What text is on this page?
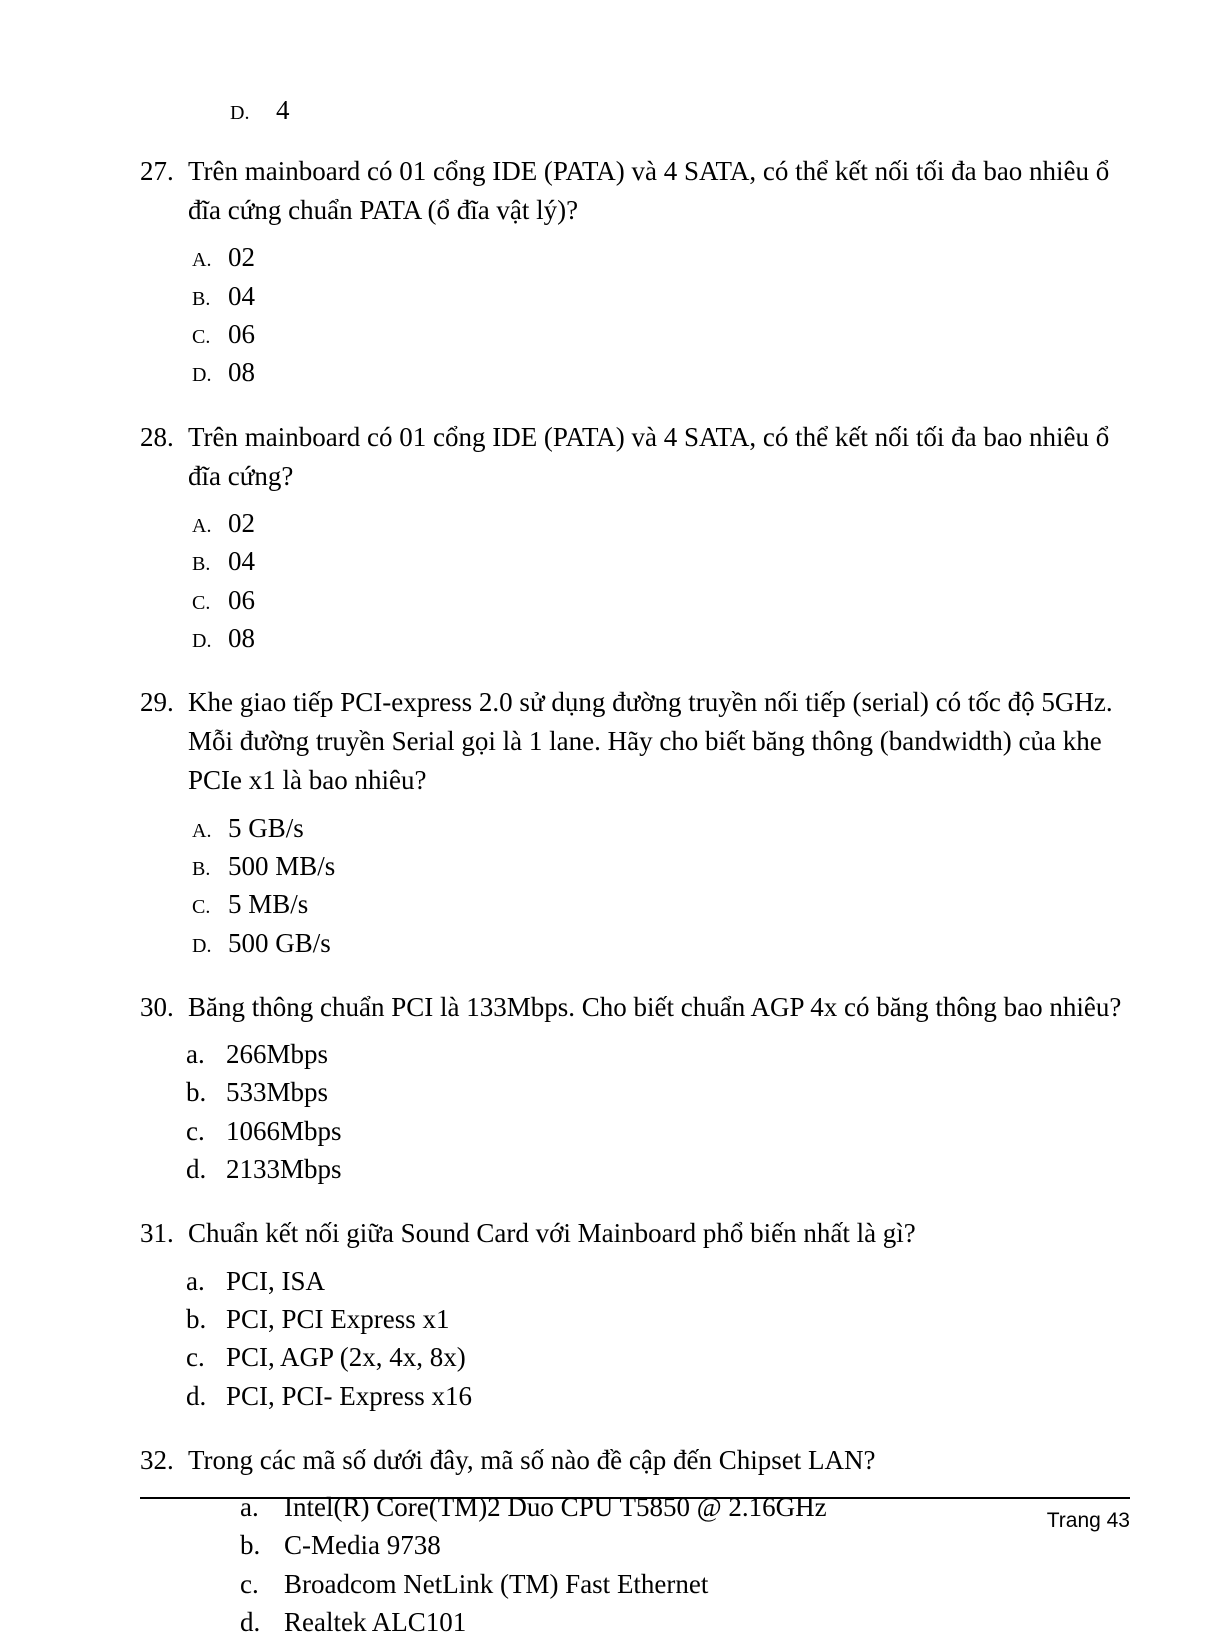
D. 4
27. Trên mainboard có 01 cổng IDE (PATA) và 4 SATA, có thể kết nối tối đa bao nhiêu ổ đĩa cứng chuẩn PATA (ổ đĩa vật lý)?
A. 02
B. 04
C. 06
D. 08
28. Trên mainboard có 01 cổng IDE (PATA) và 4 SATA, có thể kết nối tối đa bao nhiêu ổ đĩa cứng?
A. 02
B. 04
C. 06
D. 08
29. Khe giao tiếp PCI-express 2.0 sử dụng đường truyền nối tiếp (serial) có tốc độ 5GHz. Mỗi đường truyền Serial gọi là 1 lane. Hãy cho biết băng thông (bandwidth) của khe PCIe x1 là bao nhiêu?
A. 5 GB/s
B. 500 MB/s
C. 5 MB/s
D. 500 GB/s
30. Băng thông chuẩn PCI là 133Mbps. Cho biết chuẩn AGP 4x có băng thông bao nhiêu?
a. 266Mbps
b. 533Mbps
c. 1066Mbps
d. 2133Mbps
31. Chuẩn kết nối giữa Sound Card với Mainboard phổ biến nhất là gì?
a. PCI, ISA
b. PCI, PCI Express x1
c. PCI, AGP (2x, 4x, 8x)
d. PCI, PCI- Express x16
32. Trong các mã số dưới đây, mã số nào đề cập đến Chipset LAN?
a. Intel(R) Core(TM)2 Duo CPU T5850 @ 2.16GHz
b. C-Media 9738
c. Broadcom NetLink (TM) Fast Ethernet
d. Realtek ALC101
Trang 43
